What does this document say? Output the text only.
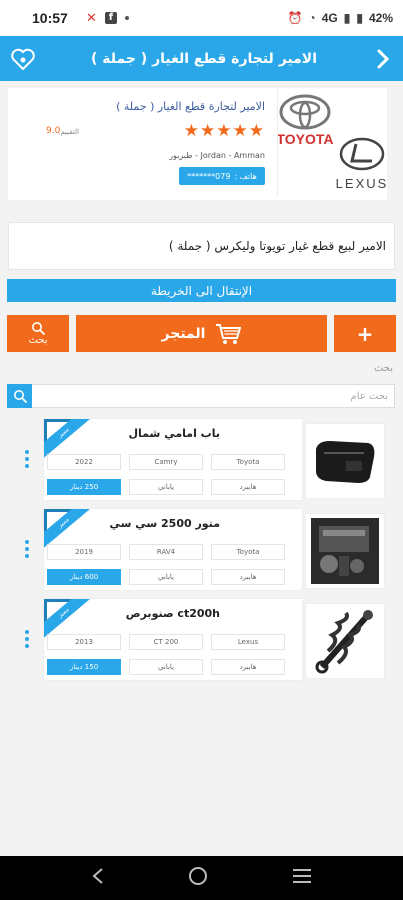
10:57	✕	f	⏰ ◔ 4G ▮ ▮ 42%
الامير لتجارة قطع الغيار ( جملة )
TOYOTA
LEXUS
الامير لتجارة قطع الغيار ( جملة )
★★★★★
التقييم:
9.0
Jordan - Amman - طبربور
*******079 هاتف :
الامير لبيع قطع غيار تويوتا وليكرس ( جملة )
الإنتقال الى الخريطة
بحث	المتجر	+
بحث
بحث عام
مميز	باب امامي شمال
2022	Camry	Toyota
250 دينار	ياباني	هايبرد
مميز	متور 2500 سي سي
2019	RAV4	Toyota
600 دينار	ياباني	هايبرد
مميز	ct200h صنوبرص
2013	CT 200	Lexus
150 دينار	ياباني	هايبرد
